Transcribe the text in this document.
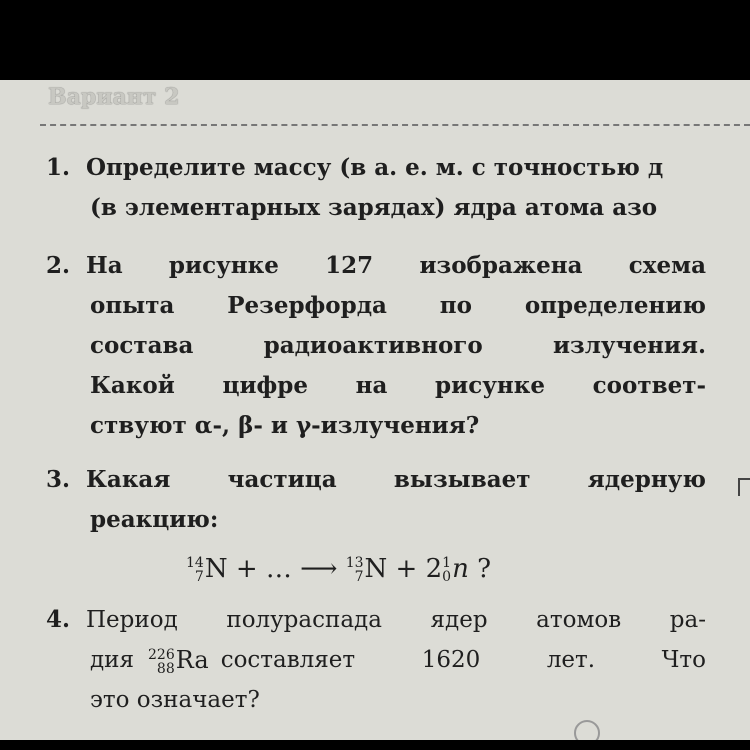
Вариант 2
1. Определите массу (в а. е. м. с точностью д
(в элементарных зарядах) ядра атома азо
2. На рисунке 127 изображена схема
опыта Резерфорда по определению
состава радиоактивного излучения.
Какой цифре на рисунке соответ-
ствуют α-, β- и γ-излучения?
3. Какая частица вызывает ядерную
реакцию:
14
7 N + … ⟶ 13
7 N + 2 1
0 n ?
4. Период полураспада ядер атомов ра-
дия 226
88 Ra составляет 1620 лет. Что
это означает?
